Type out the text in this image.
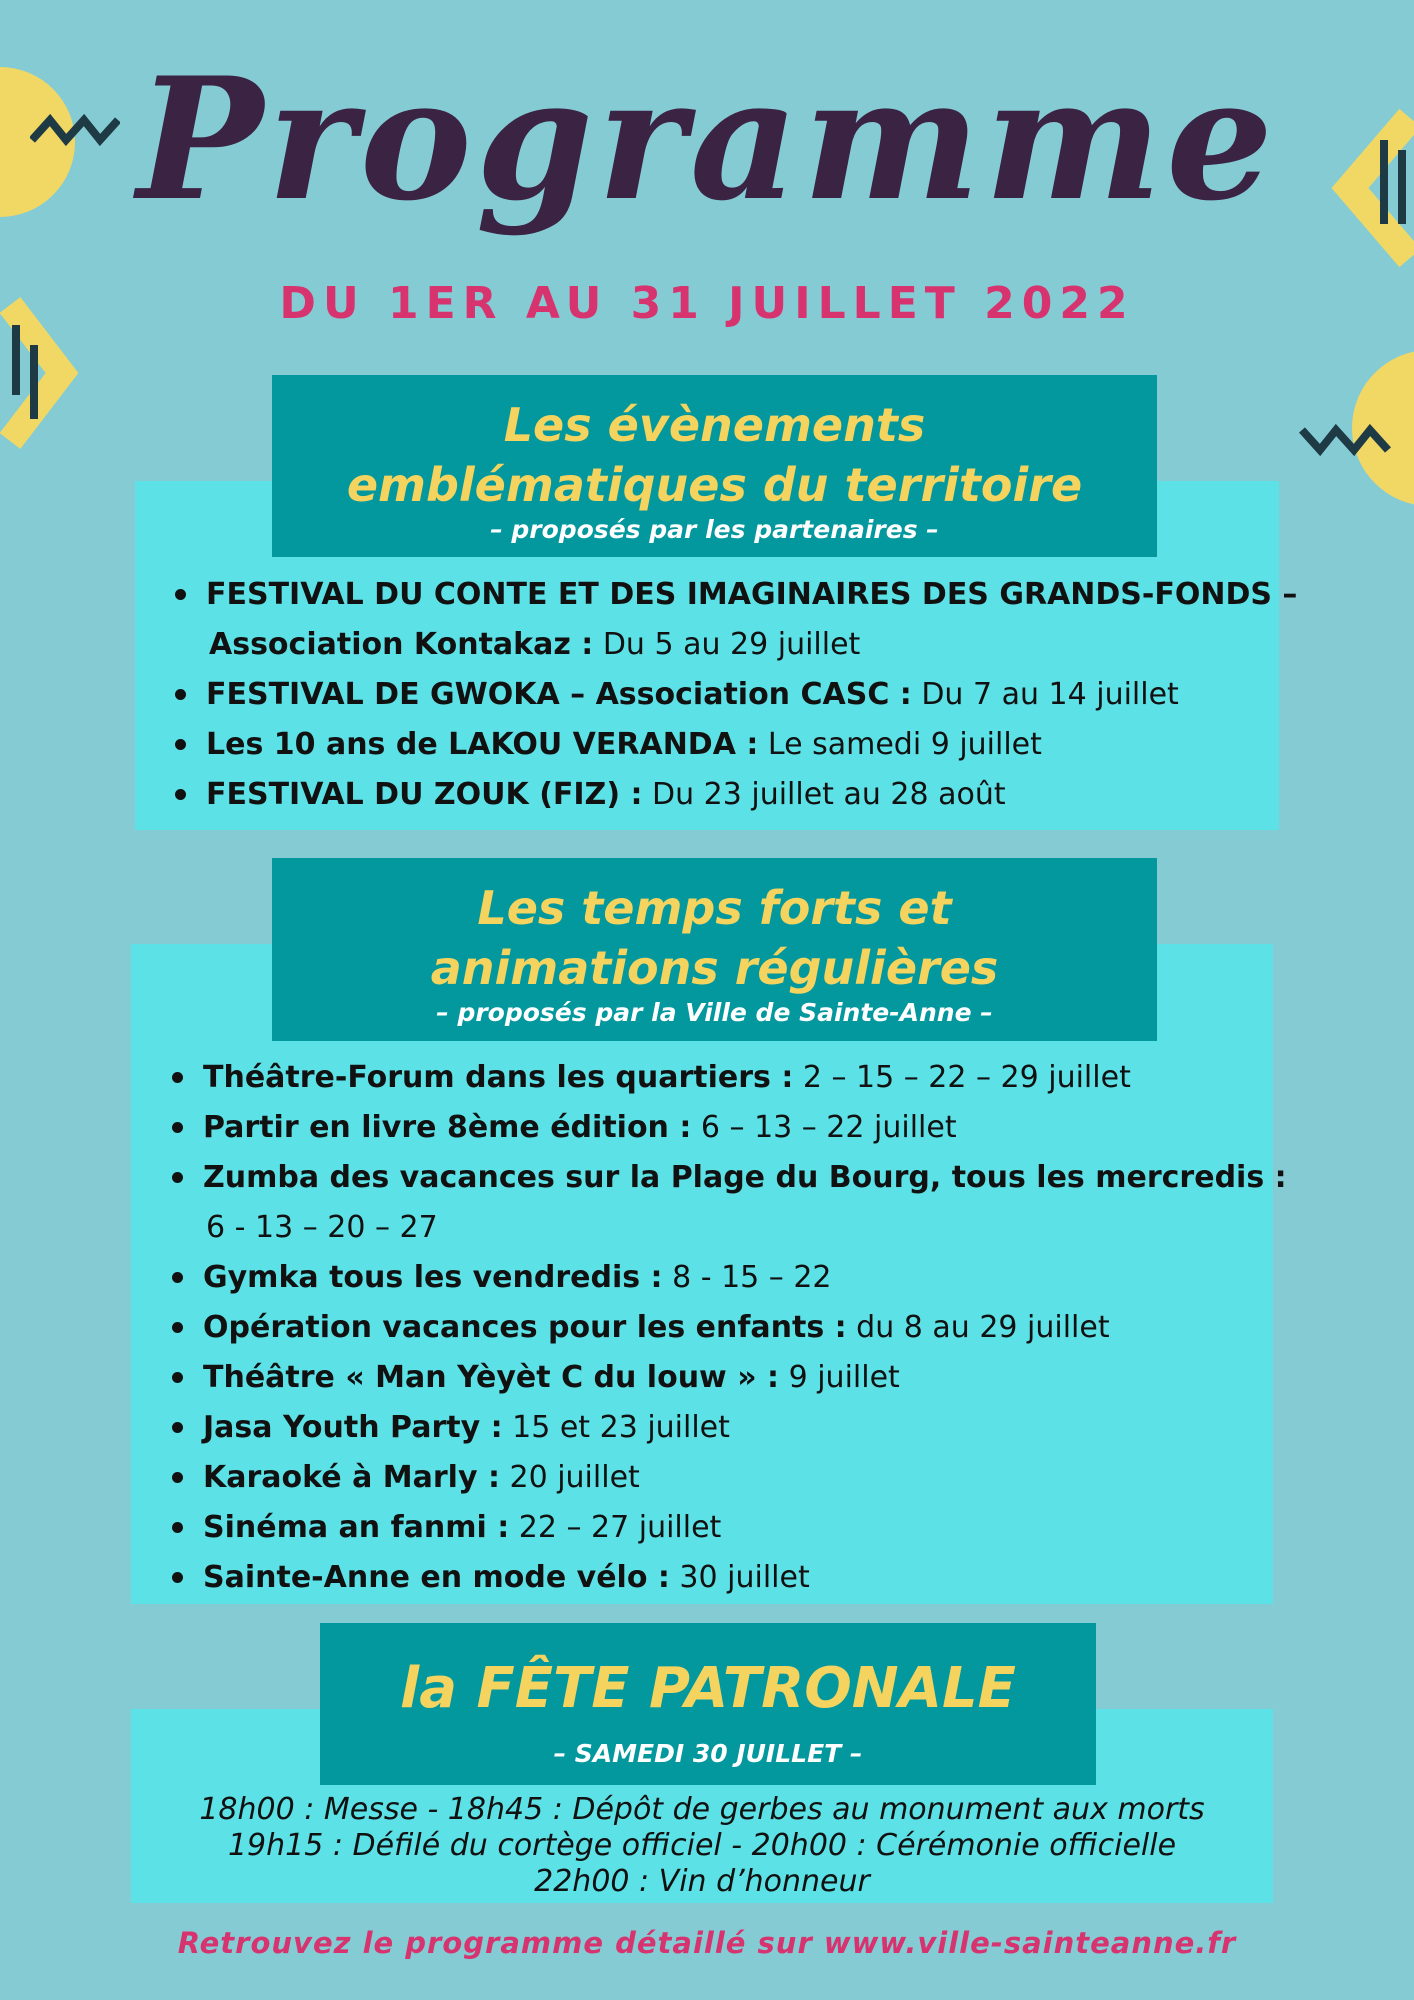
Programme
DU 1ER AU 31 JUILLET 2022
Les évènements
emblématiques du territoire
– proposés par les partenaires –
FESTIVAL DU CONTE ET DES IMAGINAIRES DES GRANDS-FONDS –
Association Kontakaz : Du 5 au 29 juillet
FESTIVAL DE GWOKA – Association CASC : Du 7 au 14 juillet
Les 10 ans de LAKOU VERANDA : Le samedi 9 juillet
FESTIVAL DU ZOUK (FIZ) : Du 23 juillet au 28 août
Les temps forts et
animations régulières
– proposés par la Ville de Sainte-Anne –
Théâtre-Forum dans les quartiers : 2 – 15 – 22 – 29 juillet
Partir en livre 8ème édition : 6 – 13 – 22 juillet
Zumba des vacances sur la Plage du Bourg, tous les mercredis :
6 - 13 – 20 – 27
Gymka tous les vendredis : 8 - 15 – 22
Opération vacances pour les enfants : du 8 au 29 juillet
Théâtre « Man Yèyèt C du louw » : 9 juillet
Jasa Youth Party : 15 et 23 juillet
Karaoké à Marly : 20 juillet
Sinéma an fanmi : 22 – 27 juillet
Sainte-Anne en mode vélo : 30 juillet
la FÊTE PATRONALE
– SAMEDI 30 JUILLET –
18h00 : Messe - 18h45 : Dépôt de gerbes au monument aux morts
19h15 : Défilé du cortège officiel - 20h00 : Cérémonie officielle
22h00 : Vin d’honneur
Retrouvez le programme détaillé sur www.ville-sainteanne.fr
